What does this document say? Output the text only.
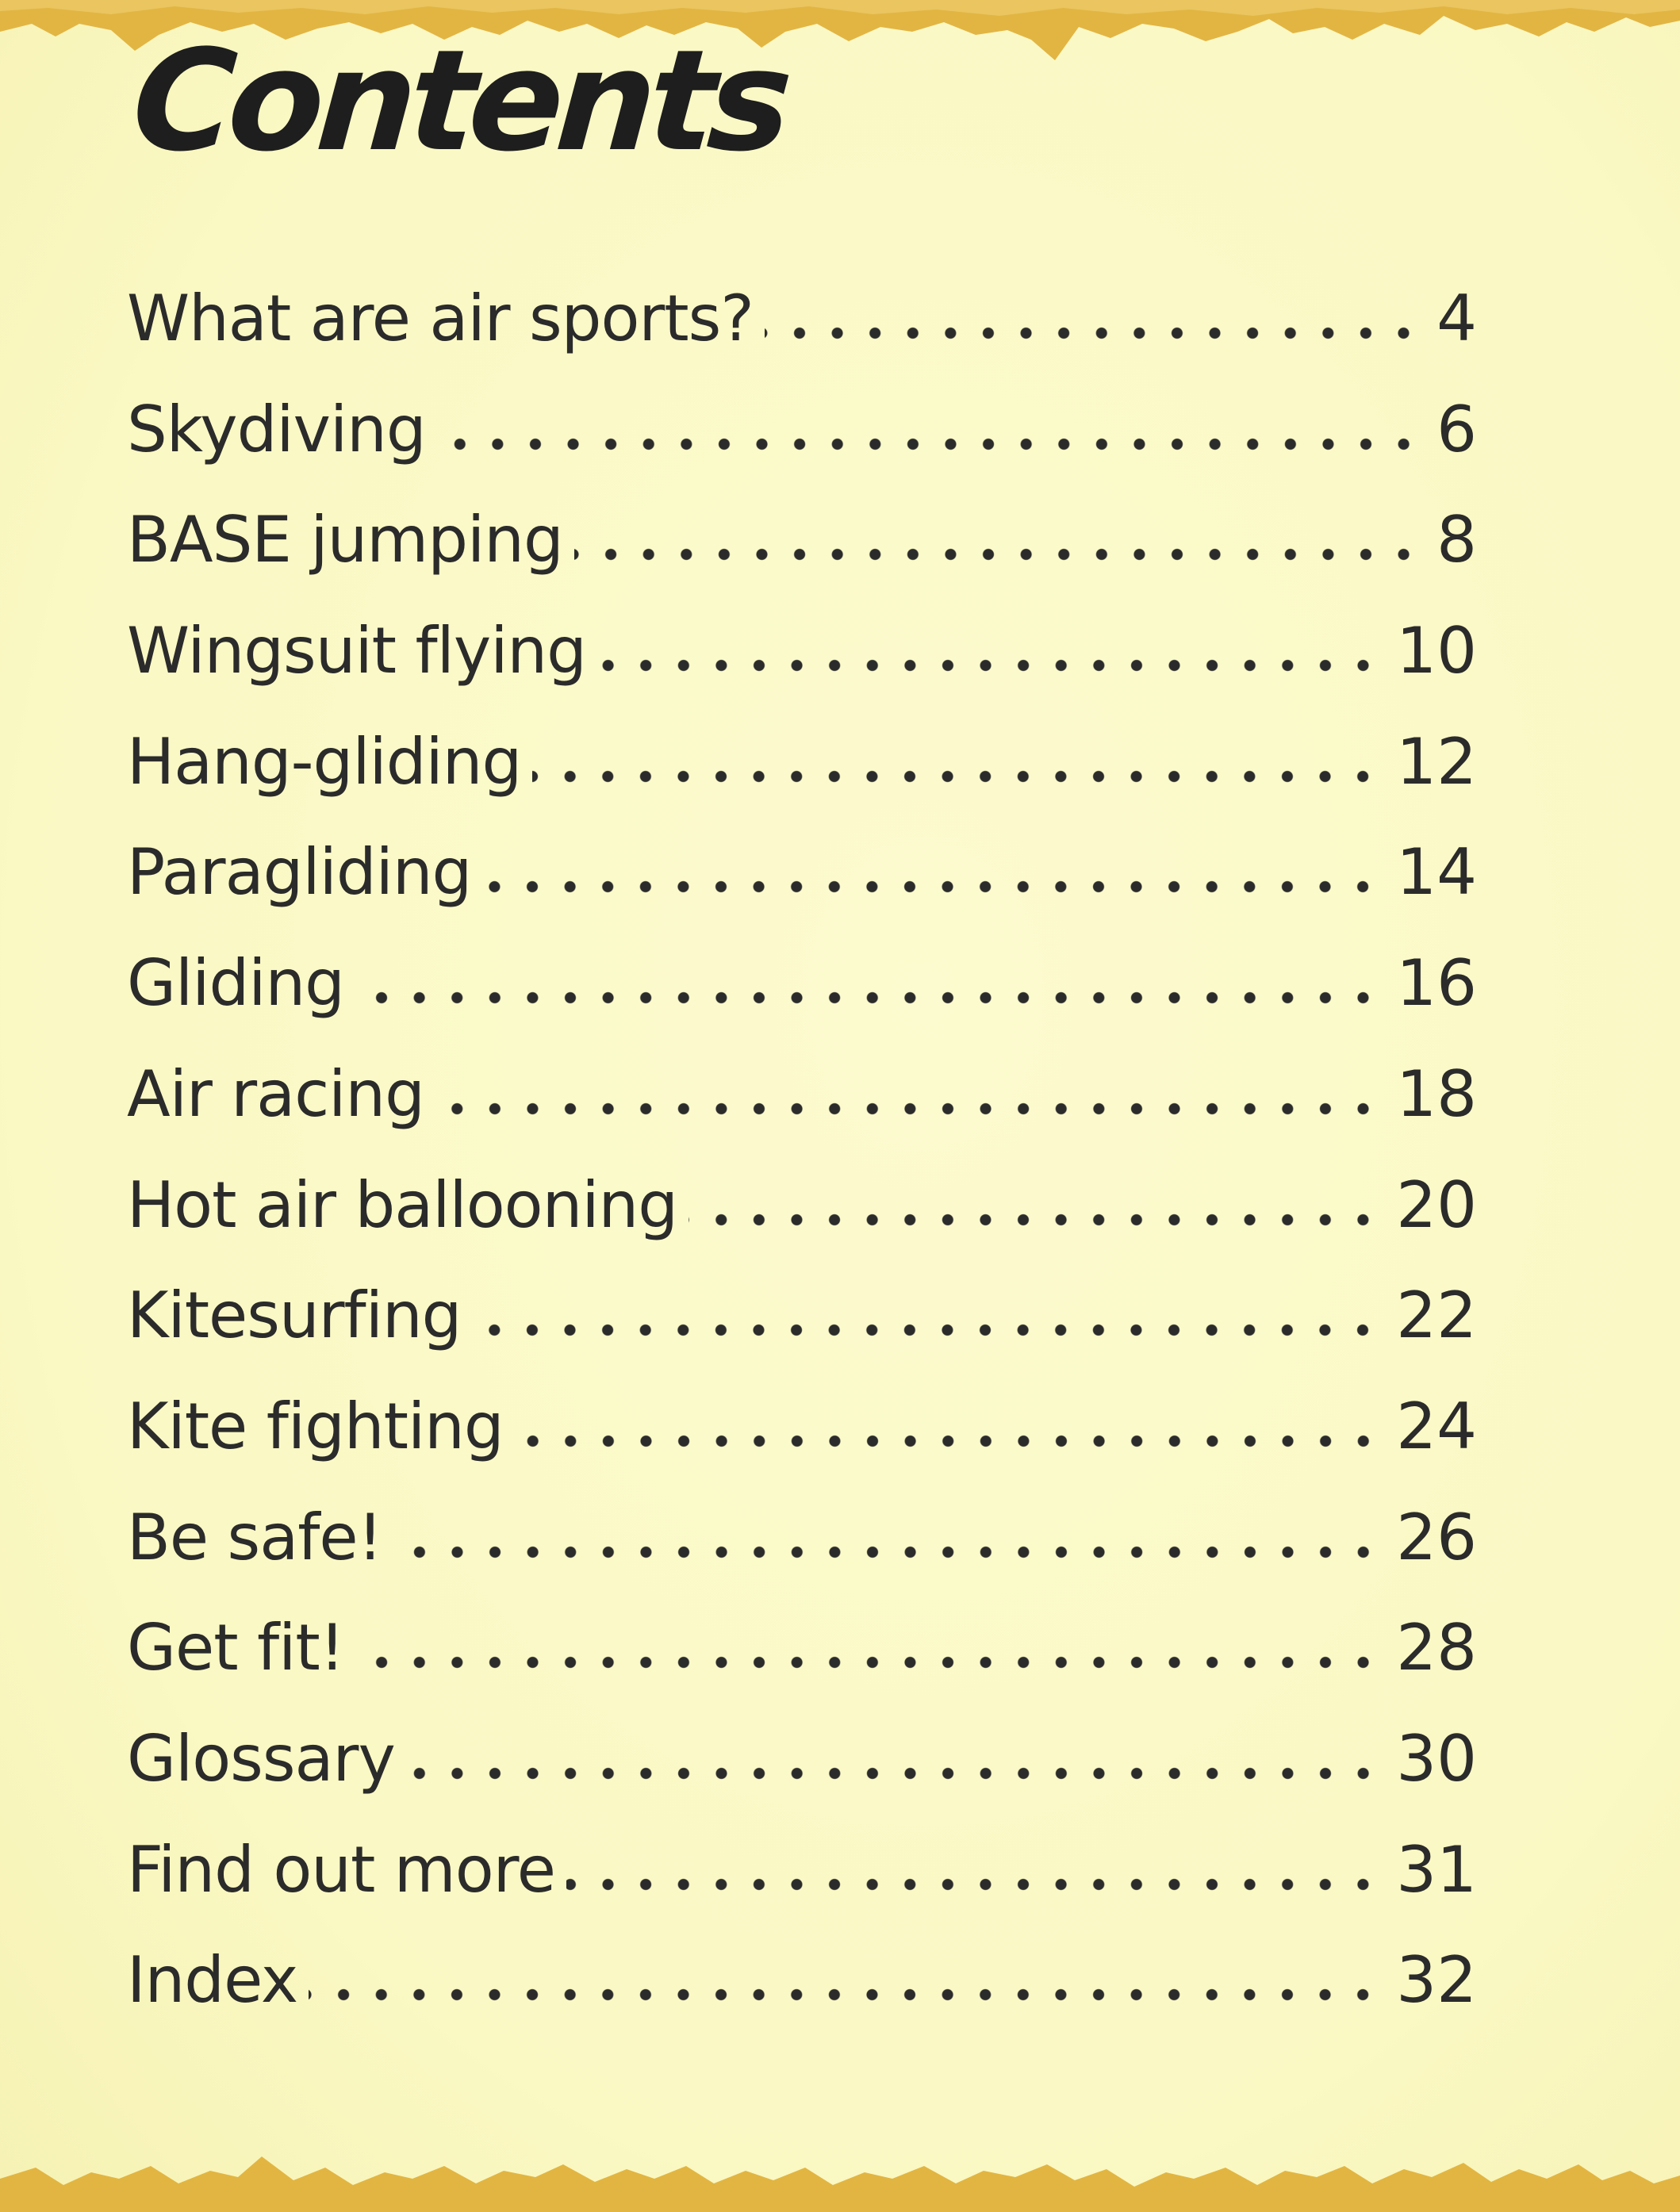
Contents
What are air sports?	4
Skydiving	6
BASE jumping	8
Wingsuit flying	10
Hang-gliding	12
Paragliding	14
Gliding	16
Air racing	18
Hot air ballooning	20
Kitesurfing	22
Kite fighting	24
Be safe!	26
Get fit!	28
Glossary	30
Find out more	31
Index	32
